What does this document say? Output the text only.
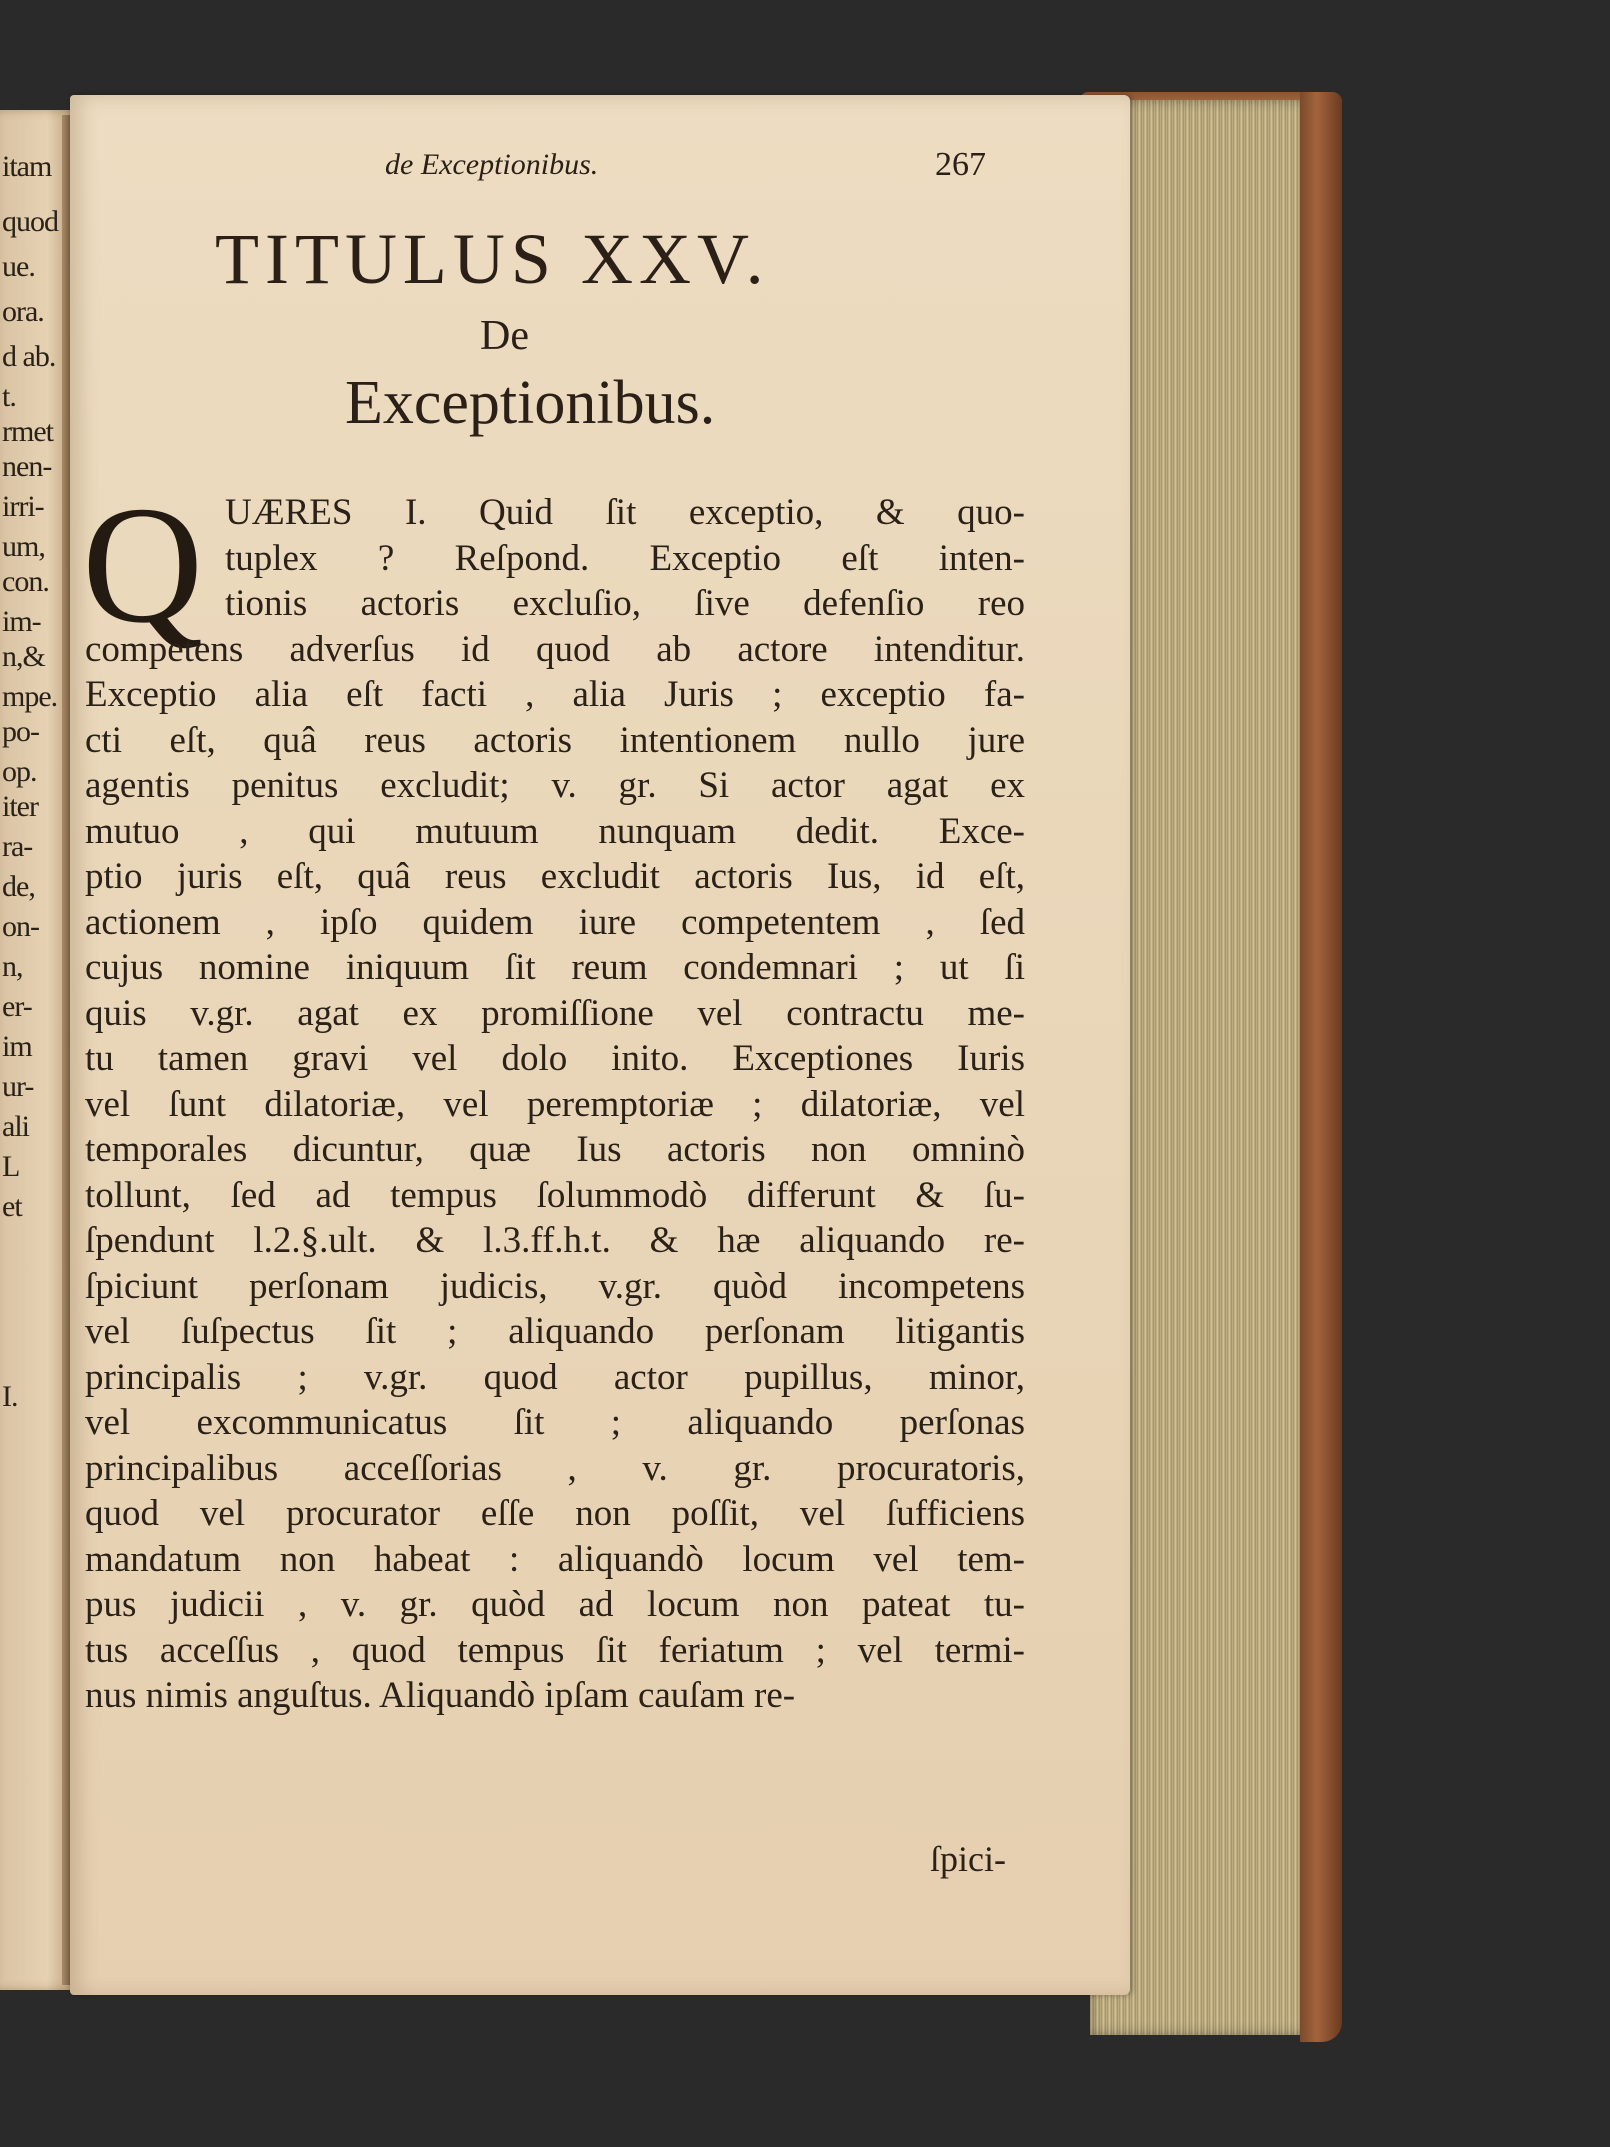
itam
quod
ue.
ora.
d ab.
t.
rmet
nen-
irri-
um,
con.
im-
n,&
mpe.
po-
op.
iter
ra-
de,
on-
n,
er-
im
ur-
ali
L
et
I.
de Exceptionibus.	267
TITULUS XXV.
De
Exceptionibus.
Q UÆRES I. Quid ſit exceptio, & quo-
tuplex ? Reſpond. Exceptio eſt inten-
tionis actoris excluſio, ſive defenſio reo
competens adverſus id quod ab actore intenditur.
Exceptio alia eſt facti , alia Juris ; exceptio fa-
cti eſt, quâ reus actoris intentionem nullo jure
agentis penitus excludit; v. gr. Si actor agat ex
mutuo , qui mutuum nunquam dedit. Exce-
ptio juris eſt, quâ reus excludit actoris Ius, id eſt,
actionem , ipſo quidem iure competentem , ſed
cujus nomine iniquum ſit reum condemnari ; ut ſi
quis v.gr. agat ex promiſſione vel contractu me-
tu tamen gravi vel dolo inito. Exceptiones Iuris
vel ſunt dilatoriæ, vel peremptoriæ ; dilatoriæ, vel
temporales dicuntur, quæ Ius actoris non omninò
tollunt, ſed ad tempus ſolummodò differunt & ſu-
ſpendunt l.2.§.ult. & l.3.ff.h.t. & hæ aliquando re-
ſpiciunt perſonam judicis, v.gr. quòd incompetens
vel ſuſpectus ſit ; aliquando perſonam litigantis
principalis ; v.gr. quod actor pupillus, minor,
vel excommunicatus ſit ; aliquando perſonas
principalibus acceſſorias , v. gr. procuratoris,
quod vel procurator eſſe non poſſit, vel ſufficiens
mandatum non habeat : aliquandò locum vel tem-
pus judicii , v. gr. quòd ad locum non pateat tu-
tus acceſſus , quod tempus ſit feriatum ; vel termi-
nus nimis anguſtus. Aliquandò ipſam cauſam re-
ſpici-
